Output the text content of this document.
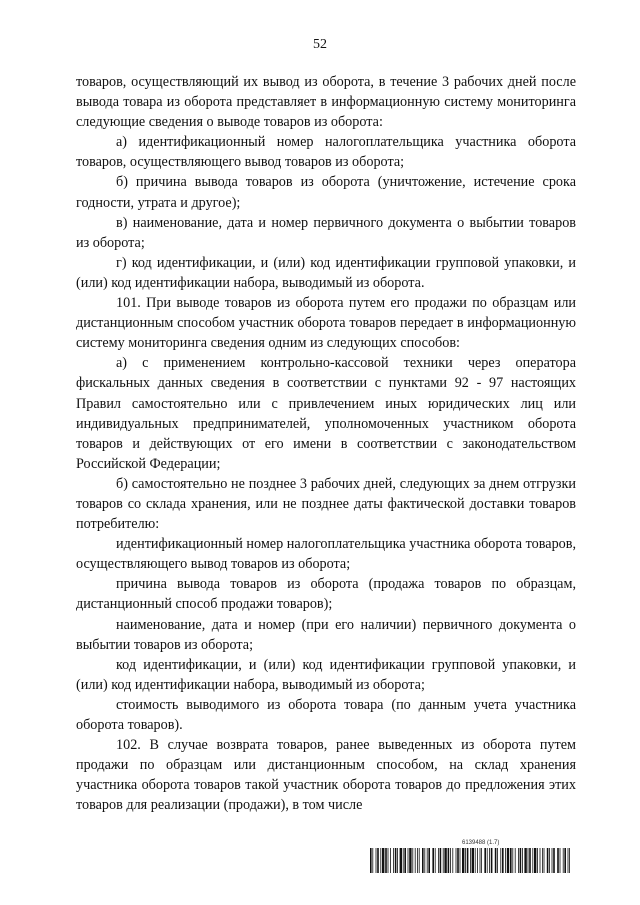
52

товаров, осуществляющий их вывод из оборота, в течение 3 рабочих дней после вывода товара из оборота представляет в информационную систему мониторинга следующие сведения о выводе товаров из оборота:

а) идентификационный номер налогоплательщика участника оборота товаров, осуществляющего вывод товаров из оборота;

б) причина вывода товаров из оборота (уничтожение, истечение срока годности, утрата и другое);

в) наименование, дата и номер первичного документа о выбытии товаров из оборота;

г) код идентификации, и (или) код идентификации групповой упаковки, и (или) код идентификации набора, выводимый из оборота.

101. При выводе товаров из оборота путем его продажи по образцам или дистанционным способом участник оборота товаров передает в информационную систему мониторинга сведения одним из следующих способов:

а) с применением контрольно-кассовой техники через оператора фискальных данных сведения в соответствии с пунктами 92 - 97 настоящих Правил самостоятельно или с привлечением иных юридических лиц или индивидуальных предпринимателей, уполномоченных участником оборота товаров и действующих от его имени в соответствии с законодательством Российской Федерации;

б) самостоятельно не позднее 3 рабочих дней, следующих за днем отгрузки товаров со склада хранения, или не позднее даты фактической доставки товаров потребителю:

идентификационный номер налогоплательщика участника оборота товаров, осуществляющего вывод товаров из оборота;

причина вывода товаров из оборота (продажа товаров по образцам, дистанционный способ продажи товаров);

наименование, дата и номер (при его наличии) первичного документа о выбытии товаров из оборота;

код идентификации, и (или) код идентификации групповой упаковки, и (или) код идентификации набора, выводимый из оборота;

стоимость выводимого из оборота товара (по данным учета участника оборота товаров).

102. В случае возврата товаров, ранее выведенных из оборота путем продажи по образцам или дистанционным способом, на склад хранения участника оборота товаров такой участник оборота товаров до предложения этих товаров для реализации (продажи), в том числе

6139488 (1.7)
